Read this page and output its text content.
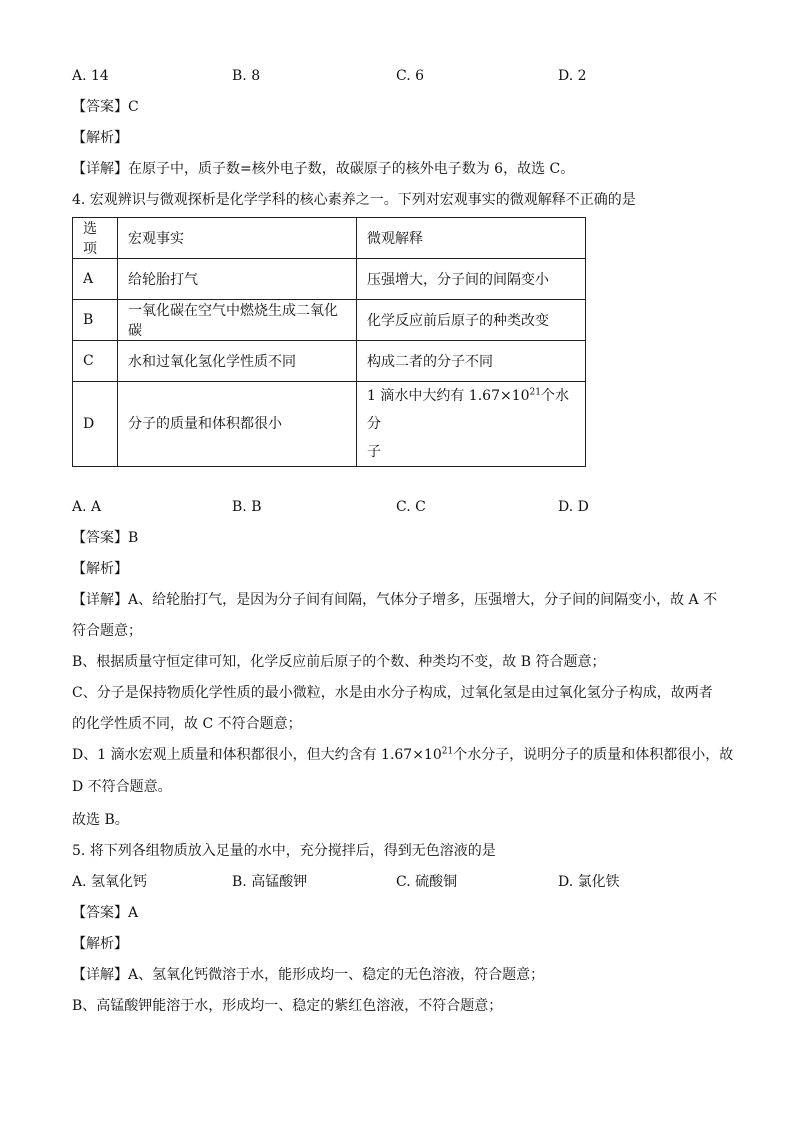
A. 14	B. 8	C. 6	D. 2
【答案】C
【解析】
【详解】在原子中，质子数=核外电子数，故碳原子的核外电子数为 6，故选 C。
4. 宏观辨识与微观探析是化学学科的核心素养之一。下列对宏观事实的微观解释不正确的是
选项	宏观事实	微观解释
A	给轮胎打气	压强增大，分子间的间隔变小
B	一氧化碳在空气中燃烧生成二氧化碳	化学反应前后原子的种类改变
C	水和过氧化氢化学性质不同	构成二者的分子不同
D	分子的质量和体积都很小	1 滴水中大约有 $1.67\times 10^{21}$个水分
子
A. A	B. B	C. C	D. D
【答案】B
【解析】
【详解】A、给轮胎打气，是因为分子间有间隔，气体分子增多，压强增大，分子间的间隔变小，故 A 不
符合题意；
B、根据质量守恒定律可知，化学反应前后原子的个数、种类均不变，故 B 符合题意；
C、分子是保持物质化学性质的最小微粒，水是由水分子构成，过氧化氢是由过氧化氢分子构成，故两者
的化学性质不同，故 C 不符合题意；
D、1 滴水宏观上质量和体积都很小，但大约含有 $1.67\times 10^{21}$个水分子，说明分子的质量和体积都很小，故
D 不符合题意。
故选 B。
5. 将下列各组物质放入足量的水中，充分搅拌后，得到无色溶液的是
A. 氢氧化钙	B. 高锰酸钾	C. 硫酸铜	D. 氯化铁
【答案】A
【解析】
【详解】A、氢氧化钙微溶于水，能形成均一、稳定的无色溶液，符合题意；
B、高锰酸钾能溶于水，形成均一、稳定的紫红色溶液，不符合题意；
